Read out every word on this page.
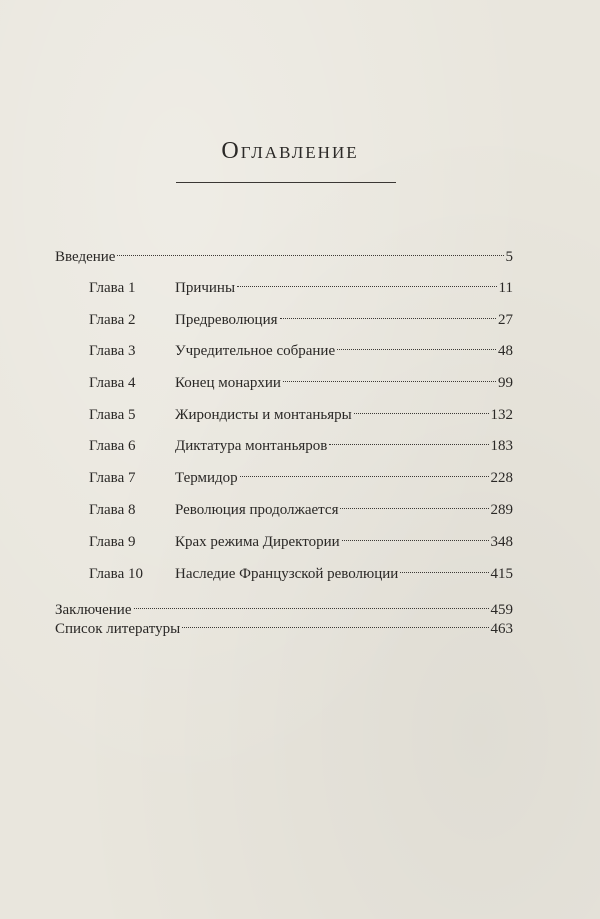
Оглавление
Введение	5
Глава 1	Причины	11
Глава 2	Предреволюция	27
Глава 3	Учредительное собрание	48
Глава 4	Конец монархии	99
Глава 5	Жирондисты и монтаньяры	132
Глава 6	Диктатура монтаньяров	183
Глава 7	Термидор	228
Глава 8	Революция продолжается	289
Глава 9	Крах режима Директории	348
Глава 10	Наследие Французской революции	415
Заключение	459
Список литературы	463
